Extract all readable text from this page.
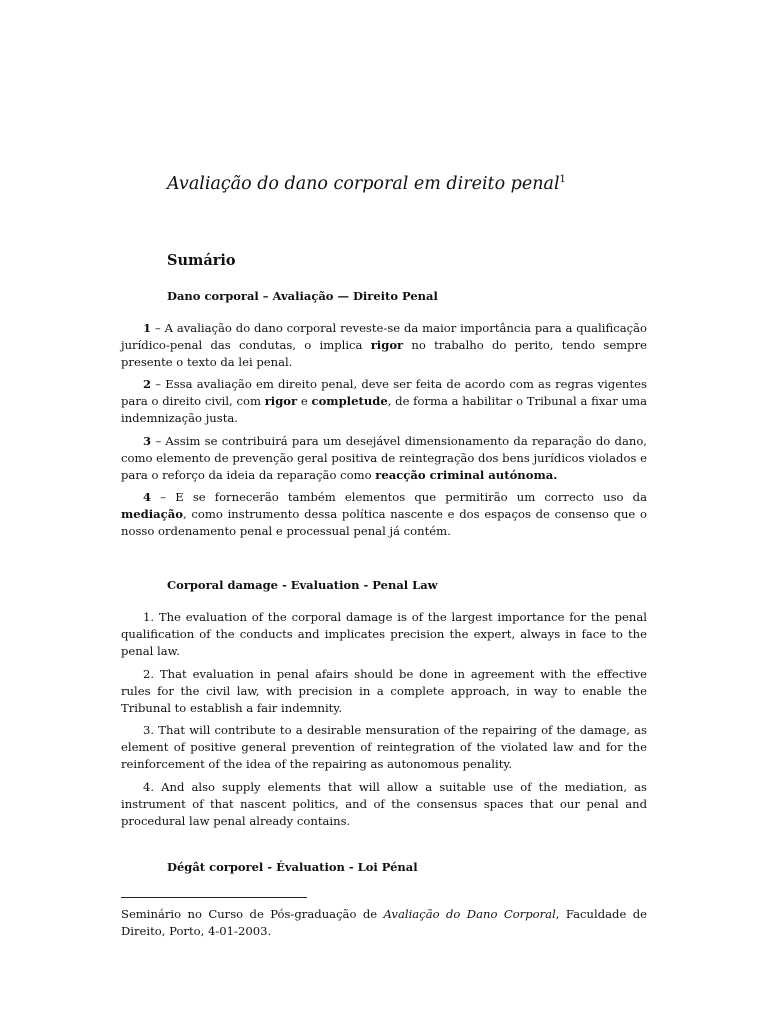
Avaliação do dano corporal em direito penal$^1$
Sumário

Dano corporal – Avaliação — Direito Penal

1 – A avaliação do dano corporal reveste-se da maior importância para a qualificação jurídico-penal das condutas, o implica rigor no trabalho do perito, tendo sempre presente o texto da lei penal.

2 – Essa avaliação em direito penal, deve ser feita de acordo com as regras vigentes para o direito civil, com rigor e completude, de forma a habilitar o Tribunal a fixar uma indemnização justa.

3 – Assim se contribuirá para um desejável dimensionamento da reparação do dano, como elemento de prevenção geral positiva de reintegração dos bens jurídicos violados e para o reforço da ideia da reparação como reacção criminal autónoma.

4 – E se fornecerão também elementos que permitirão um correcto uso da mediação, como instrumento dessa política nascente e dos espaços de consenso que o nosso ordenamento penal e processual penal já contém.

Corporal damage - Evaluation - Penal Law

1. The evaluation of the corporal damage is of the largest importance for the penal qualification of the conducts and implicates precision the expert, always in face to the penal law.

2. That evaluation in penal afairs should be done in agreement with the effective rules for the civil law, with precision in a complete approach, in way to enable the Tribunal to establish a fair indemnity.

3. That will contribute to a desirable mensuration of the repairing of the damage, as element of positive general prevention of reintegration of the violated law and for the reinforcement of the idea of the repairing as autonomous penality.

4. And also supply elements that will allow a suitable use of the mediation, as instrument of that nascent politics, and of the consensus spaces that our penal and procedural law penal already contains.

Dégât corporel - Évaluation - Loi Pénal

Seminário no Curso de Pós-graduação de Avaliação do Dano Corporal, Faculdade de Direito, Porto, 4-01-2003.
